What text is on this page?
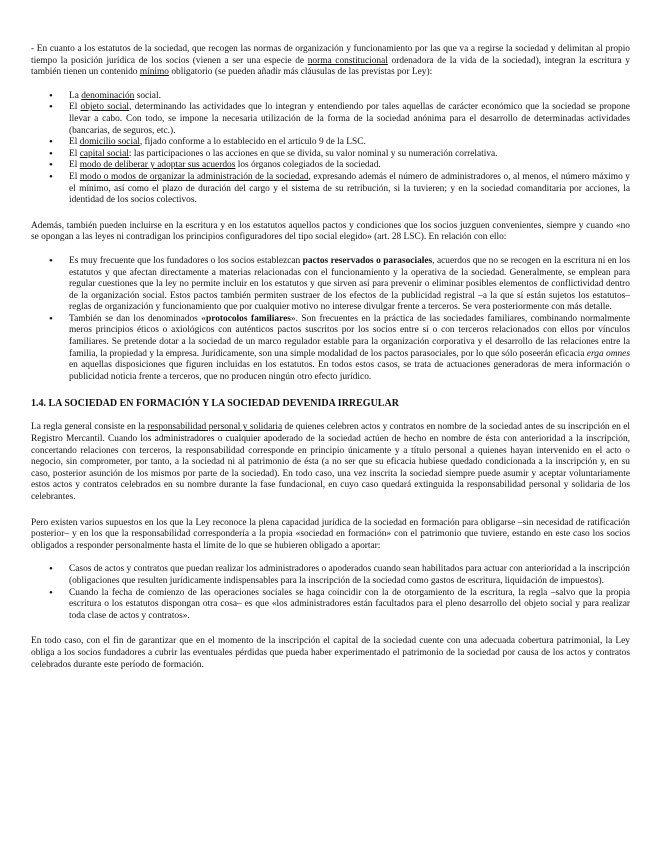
- En cuanto a los estatutos de la sociedad, que recogen las normas de organización y funcionamiento por las que va a regirse la sociedad y delimitan al propio tiempo la posición jurídica de los socios (vienen a ser una especie de norma constitucional ordenadora de la vida de la sociedad), integran la escritura y también tienen un contenido mínimo obligatorio (se pueden añadir más cláusulas de las previstas por Ley):

• La denominación social.
• El objeto social, determinando las actividades que lo integran y entendiendo por tales aquellas de carácter económico que la sociedad se propone llevar a cabo. Con todo, se impone la necesaria utilización de la forma de la sociedad anónima para el desarrollo de determinadas actividades (bancarias, de seguros, etc.).
• El domicilio social, fijado conforme a lo establecido en el artículo 9 de la LSC.
• El capital social: las participaciones o las acciones en que se divida, su valor nominal y su numeración correlativa.
• El modo de deliberar y adoptar sus acuerdos los órganos colegiados de la sociedad.
• El modo o modos de organizar la administración de la sociedad, expresando además el número de administradores o, al menos, el número máximo y el mínimo, así como el plazo de duración del cargo y el sistema de su retribución, si la tuvieren; y en la sociedad comanditaria por acciones, la identidad de los socios colectivos.

Además, también pueden incluirse en la escritura y en los estatutos aquellos pactos y condiciones que los socios juzguen convenientes, siempre y cuando «no se opongan a las leyes ni contradigan los principios configuradores del tipo social elegido» (art. 28 LSC). En relación con ello:

• Es muy frecuente que los fundadores o los socios establezcan pactos reservados o parasociales, acuerdos que no se recogen en la escritura ni en los estatutos y que afectan directamente a materias relacionadas con el funcionamiento y la operativa de la sociedad. Generalmente, se emplean para regular cuestiones que la ley no permite incluir en los estatutos y que sirven así para prevenir o eliminar posibles elementos de conflictividad dentro de la organización social. Estos pactos también permiten sustraer de los efectos de la publicidad registral –a la que sí están sujetos los estatutos– reglas de organización y funcionamiento que por cualquier motivo no interese divulgar frente a terceros. Se vera posteriormente con más detalle.
• También se dan los denominados «protocolos familiares». Son frecuentes en la práctica de las sociedades familiares, combinando normalmente meros principios éticos o axiológicos con auténticos pactos suscritos por los socios entre sí o con terceros relacionados con ellos por vínculos familiares. Se pretende dotar a la sociedad de un marco regulador estable para la organización corporativa y el desarrollo de las relaciones entre la familia, la propiedad y la empresa. Jurídicamente, son una simple modalidad de los pactos parasociales, por lo que sólo poseerán eficacia erga omnes en aquellas disposiciones que figuren incluidas en los estatutos. En todos estos casos, se trata de actuaciones generadoras de mera información o publicidad noticia frente a terceros, que no producen ningún otro efecto jurídico.
1.4. LA SOCIEDAD EN FORMACIÓN Y LA SOCIEDAD DEVENIDA IRREGULAR

La regla general consiste en la responsabilidad personal y solidaria de quienes celebren actos y contratos en nombre de la sociedad antes de su inscripción en el Registro Mercantil. Cuando los administradores o cualquier apoderado de la sociedad actúen de hecho en nombre de ésta con anterioridad a la inscripción, concertando relaciones con terceros, la responsabilidad corresponde en principio únicamente y a título personal a quienes hayan intervenido en el acto o negocio, sin comprometer, por tanto, a la sociedad ni al patrimonio de ésta (a no ser que su eficacia hubiese quedado condicionada a la inscripción y, en su caso, posterior asunción de los mismos por parte de la sociedad). En todo caso, una vez inscrita la sociedad siempre puede asumir y aceptar voluntariamente estos actos y contratos celebrados en su nombre durante la fase fundacional, en cuyo caso quedará extinguida la responsabilidad personal y solidaria de los celebrantes.

Pero existen varios supuestos en los que la Ley reconoce la plena capacidad jurídica de la sociedad en formación para obligarse –sin necesidad de ratificación posterior– y en los que la responsabilidad correspondería a la propia «sociedad en formación» con el patrimonio que tuviere, estando en este caso los socios obligados a responder personalmente hasta el límite de lo que se hubieren obligado a aportar:

• Casos de actos y contratos que puedan realizar los administradores o apoderados cuando sean habilitados para actuar con anterioridad a la inscripción (obligaciones que resulten jurídicamente indispensables para la inscripción de la sociedad como gastos de escritura, liquidación de impuestos).
• Cuando la fecha de comienzo de las operaciones sociales se haga coincidir con la de otorgamiento de la escritura, la regla –salvo que la propia escritura o los estatutos dispongan otra cosa– es que «los administradores están facultados para el pleno desarrollo del objeto social y para realizar toda clase de actos y contratos».

En todo caso, con el fin de garantizar que en el momento de la inscripción el capital de la sociedad cuente con una adecuada cobertura patrimonial, la Ley obliga a los socios fundadores a cubrir las eventuales pérdidas que pueda haber experimentado el patrimonio de la sociedad por causa de los actos y contratos celebrados durante este período de formación.
